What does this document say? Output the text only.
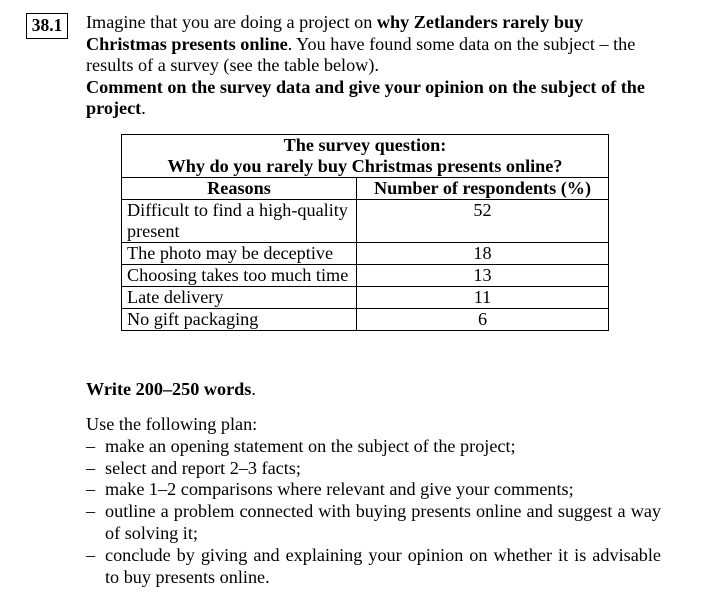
38.1	Imagine that you are doing a project on why Zetlanders rarely buy Christmas presents online. You have found some data on the subject – the results of a survey (see the table below).

Comment on the survey data and give your opinion on the subject of the project.

The survey question:
Why do you rarely buy Christmas presents online?	

Reasons	Number of respondents (%)
Difficult to find a high-quality present	52
The photo may be deceptive	18
Choosing takes too much time	13
Late delivery	11
No gift packaging	6
Write 200–250 words.

Use the following plan:

– make an opening statement on the subject of the project;
– select and report 2–3 facts;
– make 1–2 comparisons where relevant and give your comments;
– outline a problem connected with buying presents online and suggest a way of solving it;
– conclude by giving and explaining your opinion on whether it is advisable to buy presents online.
